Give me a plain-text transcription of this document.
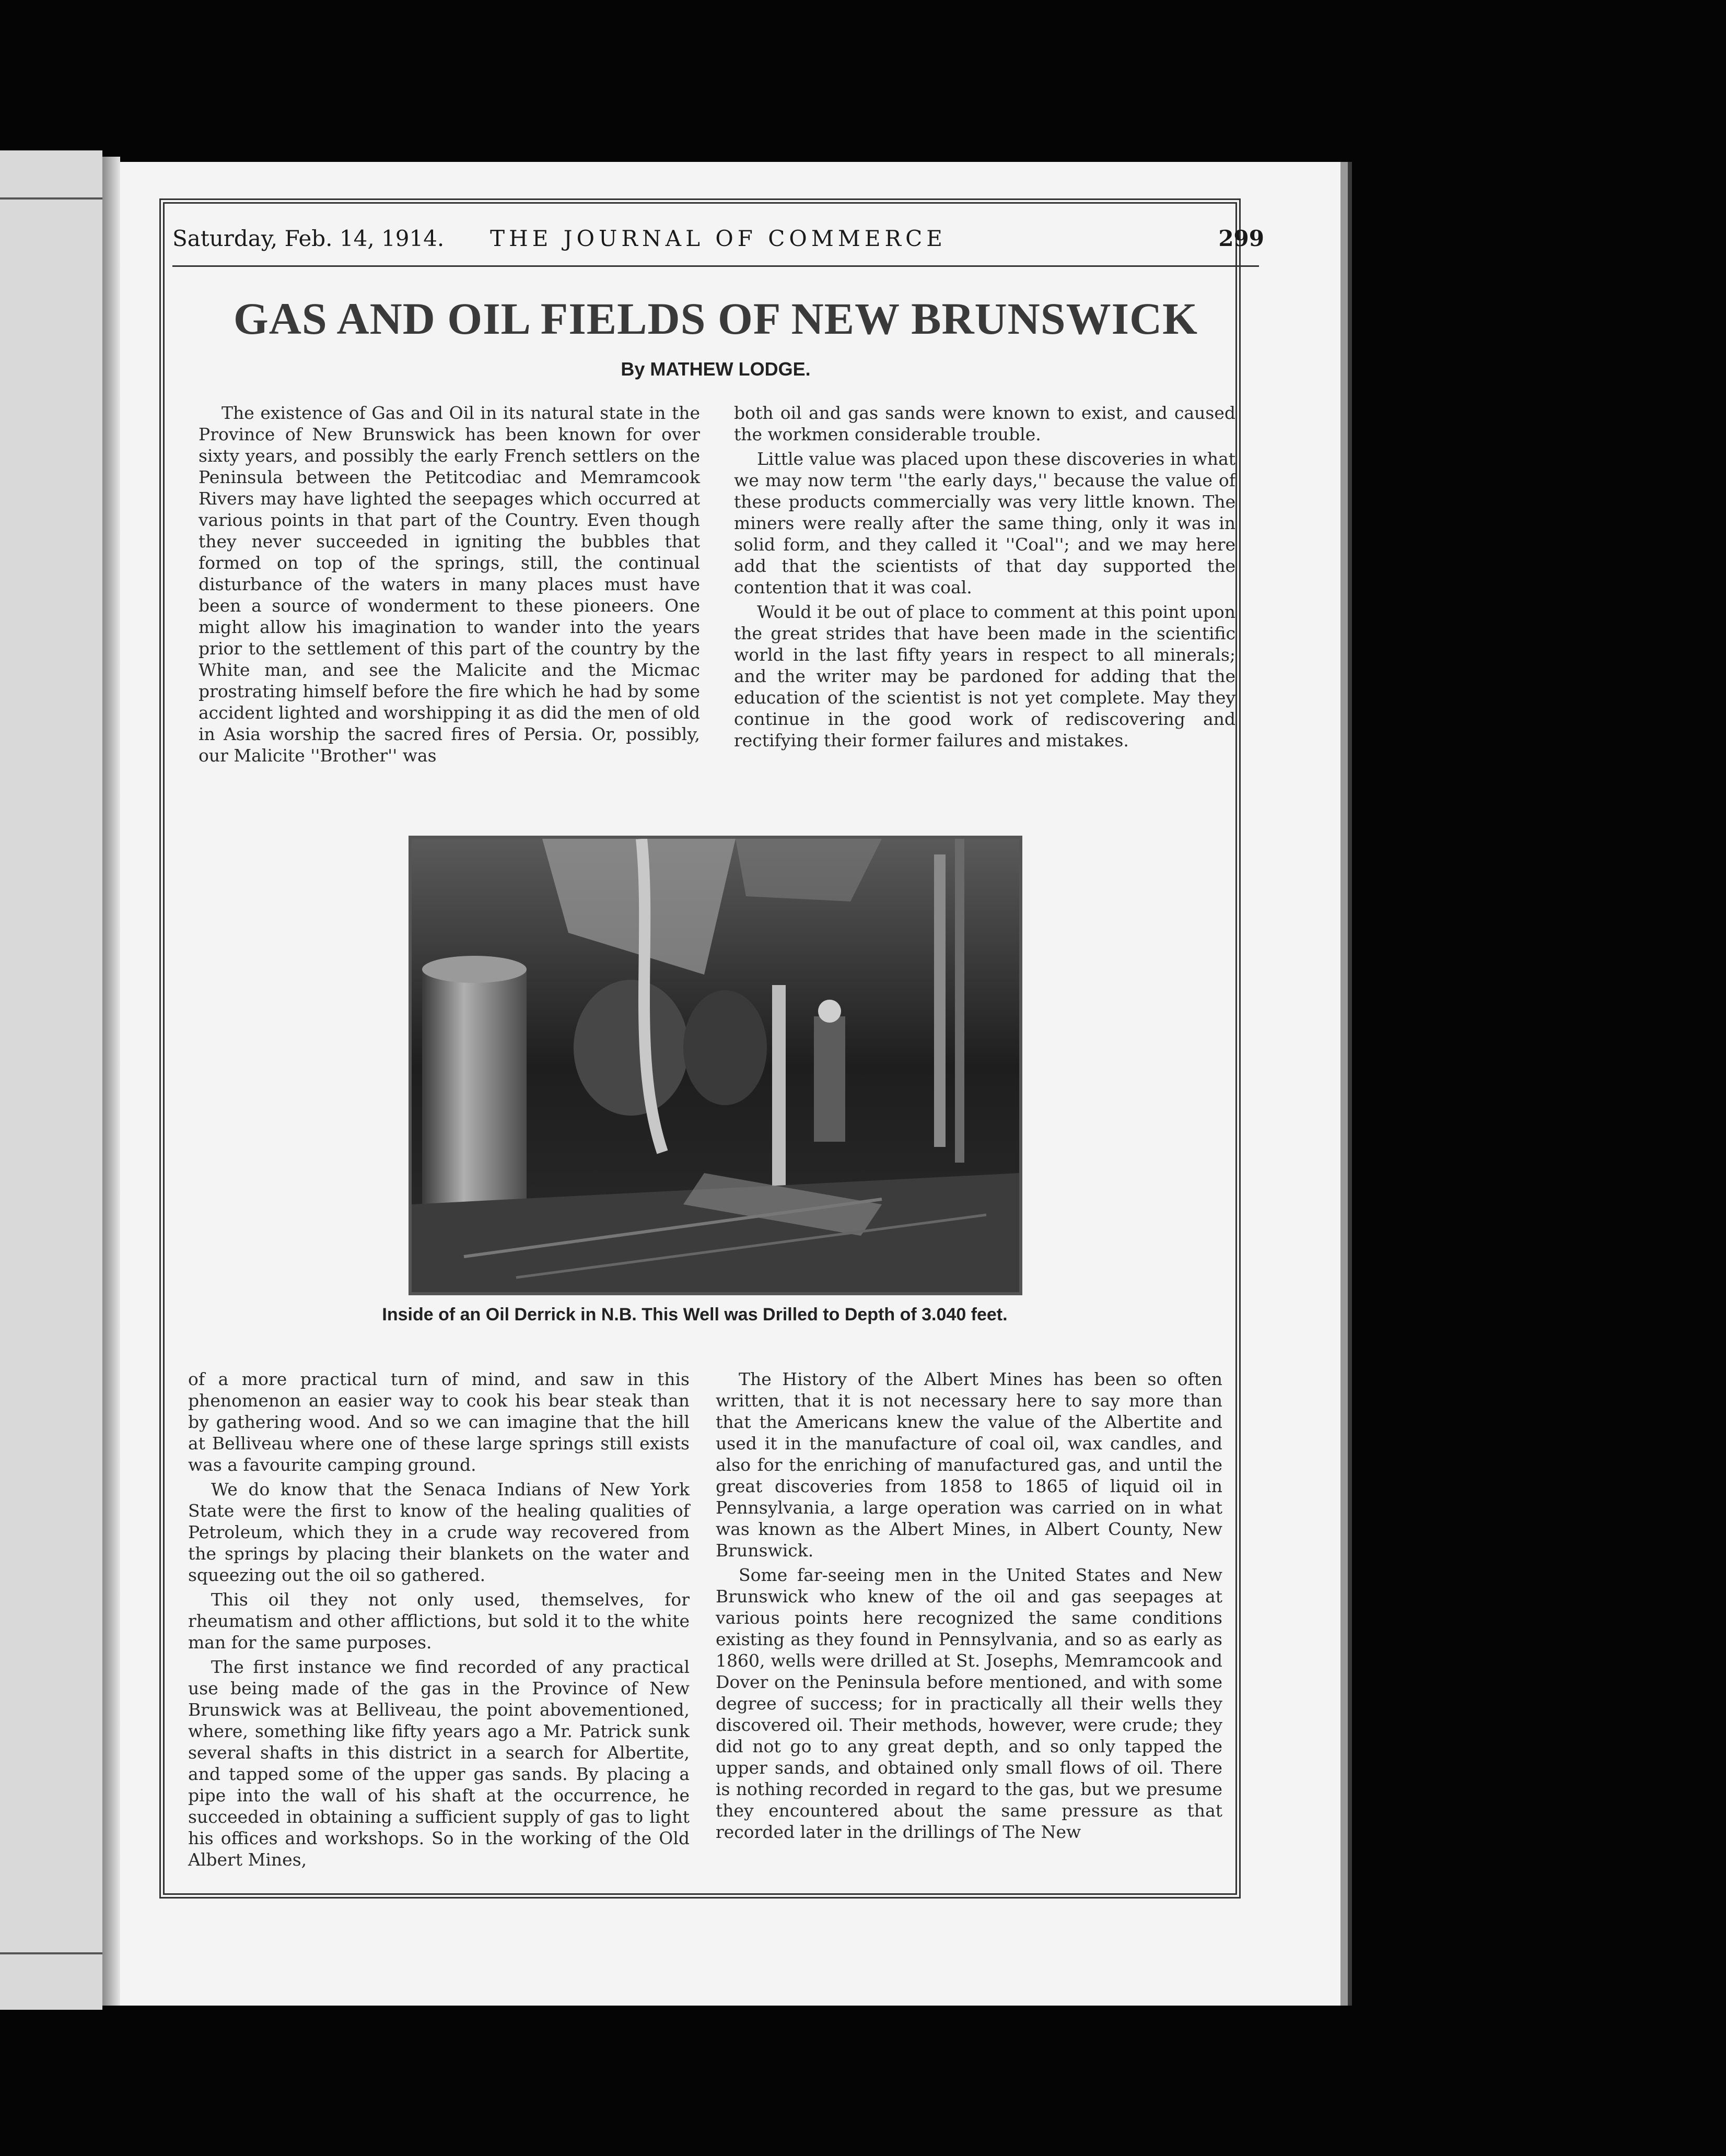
Saturday, Feb. 14, 1914.	THE JOURNAL OF COMMERCE	299
GAS AND OIL FIELDS OF NEW BRUNSWICK
By MATHEW LODGE.

The existence of Gas and Oil in its natural state in the Province of New Brunswick has been known for over sixty years, and possibly the early French settlers on the Peninsula between the Petitcodiac and Memramcook Rivers may have lighted the seepages which occurred at various points in that part of the Country. Even though they never succeeded in igniting the bubbles that formed on top of the springs, still, the continual disturbance of the waters in many places must have been a source of wonderment to these pioneers. One might allow his imagination to wander into the years prior to the settlement of this part of the country by the White man, and see the Malicite and the Micmac prostrating himself before the fire which he had by some accident lighted and worshipping it as did the men of old in Asia worship the sacred fires of Persia. Or, possibly, our Malicite ''Brother'' was

both oil and gas sands were known to exist, and caused the workmen considerable trouble.

Little value was placed upon these discoveries in what we may now term ''the early days,'' because the value of these products commercially was very little known. The miners were really after the same thing, only it was in solid form, and they called it ''Coal''; and we may here add that the scientists of that day supported the contention that it was coal.

Would it be out of place to comment at this point upon the great strides that have been made in the scientific world in the last fifty years in respect to all minerals; and the writer may be pardoned for adding that the education of the scientist is not yet complete. May they continue in the good work of rediscovering and rectifying their former failures and mistakes.

Inside of an Oil Derrick in N.B. This Well was Drilled to Depth of 3.040 feet.

of a more practical turn of mind, and saw in this phenomenon an easier way to cook his bear steak than by gathering wood. And so we can imagine that the hill at Belliveau where one of these large springs still exists was a favourite camping ground.

We do know that the Senaca Indians of New York State were the first to know of the healing qualities of Petroleum, which they in a crude way recovered from the springs by placing their blankets on the water and squeezing out the oil so gathered.

This oil they not only used, themselves, for rheumatism and other afflictions, but sold it to the white man for the same purposes.

The first instance we find recorded of any practical use being made of the gas in the Province of New Brunswick was at Belliveau, the point abovementioned, where, something like fifty years ago a Mr. Patrick sunk several shafts in this district in a search for Albertite, and tapped some of the upper gas sands. By placing a pipe into the wall of his shaft at the occurrence, he succeeded in obtaining a sufficient supply of gas to light his offices and workshops. So in the working of the Old Albert Mines,

The History of the Albert Mines has been so often written, that it is not necessary here to say more than that the Americans knew the value of the Albertite and used it in the manufacture of coal oil, wax candles, and also for the enriching of manufactured gas, and until the great discoveries from 1858 to 1865 of liquid oil in Pennsylvania, a large operation was carried on in what was known as the Albert Mines, in Albert County, New Brunswick.

Some far-seeing men in the United States and New Brunswick who knew of the oil and gas seepages at various points here recognized the same conditions existing as they found in Pennsylvania, and so as early as 1860, wells were drilled at St. Josephs, Memramcook and Dover on the Peninsula before mentioned, and with some degree of success; for in practically all their wells they discovered oil. Their methods, however, were crude; they did not go to any great depth, and so only tapped the upper sands, and obtained only small flows of oil. There is nothing recorded in regard to the gas, but we presume they encountered about the same pressure as that recorded later in the drillings of The New
